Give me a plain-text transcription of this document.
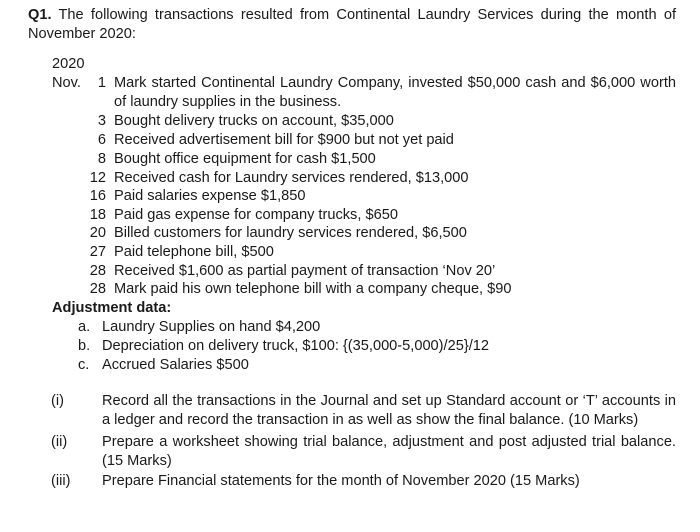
Q1. The following transactions resulted from Continental Laundry Services during the month of November 2020:
2020
Nov.	1 Mark started Continental Laundry Company, invested $50,000 cash and $6,000 worth of laundry supplies in the business.
3 Bought delivery trucks on account, $35,000
6 Received advertisement bill for $900 but not yet paid
8 Bought office equipment for cash $1,500
12 Received cash for Laundry services rendered, $13,000
16 Paid salaries expense $1,850
18 Paid gas expense for company trucks, $650
20 Billed customers for laundry services rendered, $6,500
27 Paid telephone bill, $500
28 Received $1,600 as partial payment of transaction ‘Nov 20’
28 Mark paid his own telephone bill with a company cheque, $90
Adjustment data:
a. Laundry Supplies on hand $4,200
b. Depreciation on delivery truck, $100: {(35,000-5,000)/25}/12
c. Accrued Salaries $500
(i)	Record all the transactions in the Journal and set up Standard account or ‘T’ accounts in a ledger and record the transaction in as well as show the final balance. (10 Marks)
(ii) Prepare a worksheet showing trial balance, adjustment and post adjusted trial balance. (15 Marks)
(iii) Prepare Financial statements for the month of November 2020 (15 Marks)
